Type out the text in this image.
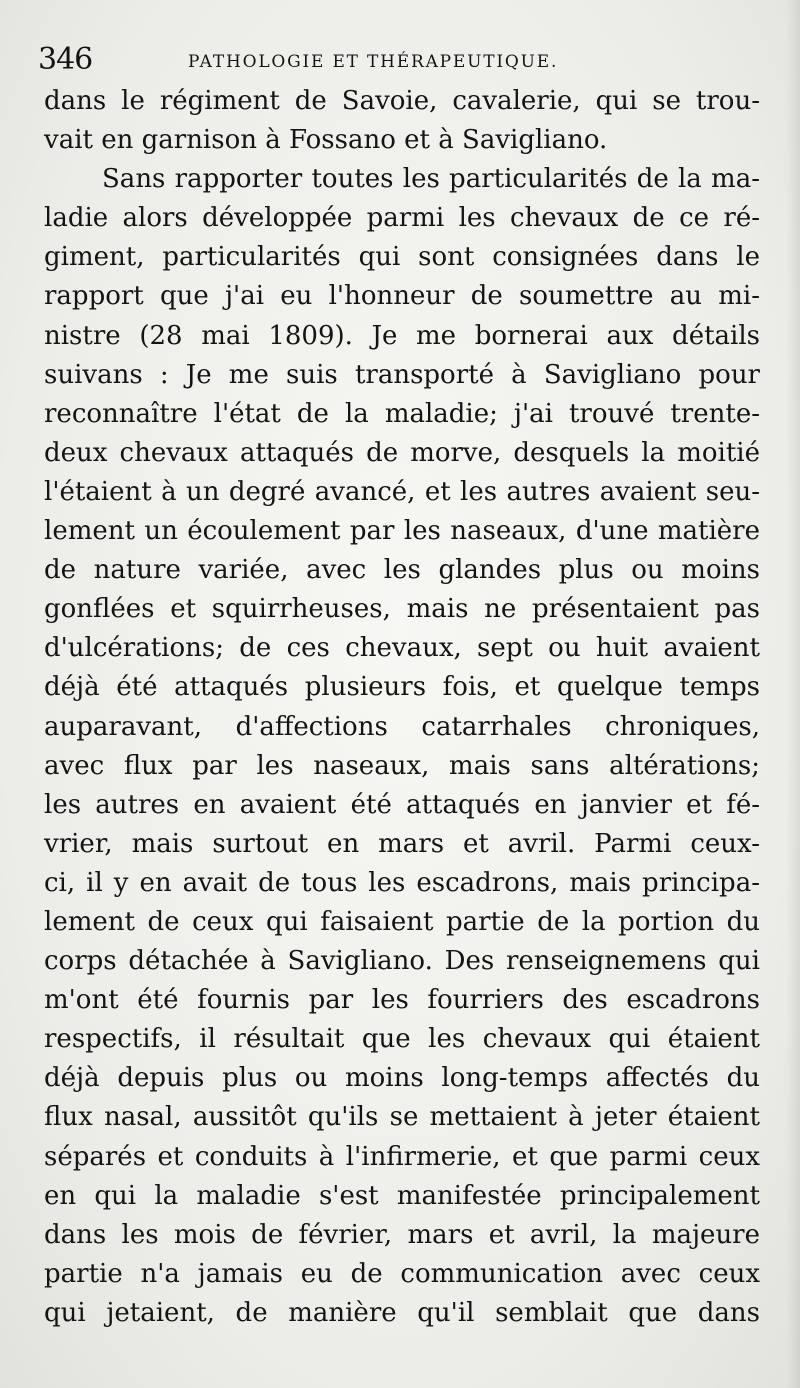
346	PATHOLOGIE ET THÉRAPEUTIQUE.
dans le régiment de Savoie, cavalerie, qui se trou-
vait en garnison à Fossano et à Savigliano.
Sans rapporter toutes les particularités de la ma-
ladie alors développée parmi les chevaux de ce ré-
giment, particularités qui sont consignées dans le
rapport que j'ai eu l'honneur de soumettre au mi-
nistre (28 mai 1809). Je me bornerai aux détails
suivans : Je me suis transporté à Savigliano pour
reconnaître l'état de la maladie; j'ai trouvé trente-
deux chevaux attaqués de morve, desquels la moitié
l'étaient à un degré avancé, et les autres avaient seu-
lement un écoulement par les naseaux, d'une matière
de nature variée, avec les glandes plus ou moins
gonflées et squirrheuses, mais ne présentaient pas
d'ulcérations; de ces chevaux, sept ou huit avaient
déjà été attaqués plusieurs fois, et quelque temps
auparavant, d'affections catarrhales chroniques,
avec flux par les naseaux, mais sans altérations;
les autres en avaient été attaqués en janvier et fé-
vrier, mais surtout en mars et avril. Parmi ceux-
ci, il y en avait de tous les escadrons, mais principa-
lement de ceux qui faisaient partie de la portion du
corps détachée à Savigliano. Des renseignemens qui
m'ont été fournis par les fourriers des escadrons
respectifs, il résultait que les chevaux qui étaient
déjà depuis plus ou moins long-temps affectés du
flux nasal, aussitôt qu'ils se mettaient à jeter étaient
séparés et conduits à l'infirmerie, et que parmi ceux
en qui la maladie s'est manifestée principalement
dans les mois de février, mars et avril, la majeure
partie n'a jamais eu de communication avec ceux
qui jetaient, de manière qu'il semblait que dans
